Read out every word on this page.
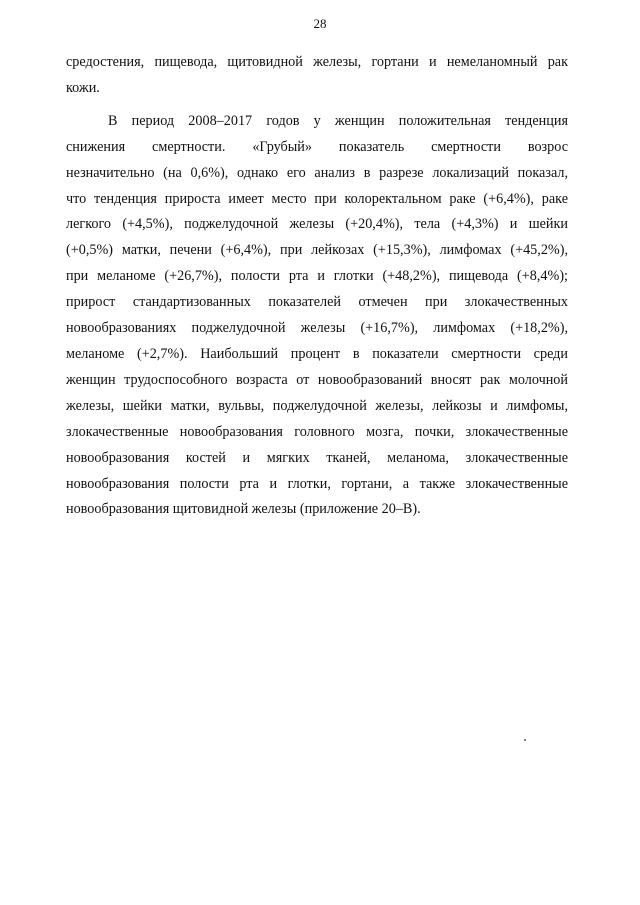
28

средостения, пищевода, щитовидной железы, гортани и немеланомный рак
кожи.

В период 2008–2017 годов у женщин положительная тенденция
снижения смертности. «Грубый» показатель смертности возрос
незначительно (на 0,6%), однако его анализ в разрезе локализаций показал,
что тенденция прироста имеет место при колоректальном раке (+6,4%), раке
легкого (+4,5%), поджелудочной железы (+20,4%), тела (+4,3%) и шейки
(+0,5%) матки, печени (+6,4%), при лейкозах (+15,3%), лимфомах (+45,2%),
при меланоме (+26,7%), полости рта и глотки (+48,2%), пищевода (+8,4%);
прирост стандартизованных показателей отмечен при злокачественных
новообразованиях поджелудочной железы (+16,7%), лимфомах (+18,2%),
меланоме (+2,7%). Наибольший процент в показатели смертности среди
женщин трудоспособного возраста от новообразований вносят рак молочной
железы, шейки матки, вульвы, поджелудочной железы, лейкозы и лимфомы,
злокачественные новообразования головного мозга, почки, злокачественные
новообразования костей и мягких тканей, меланома, злокачественные
новообразования полости рта и глотки, гортани, а также злокачественные
новообразования щитовидной железы (приложение 20–В).
